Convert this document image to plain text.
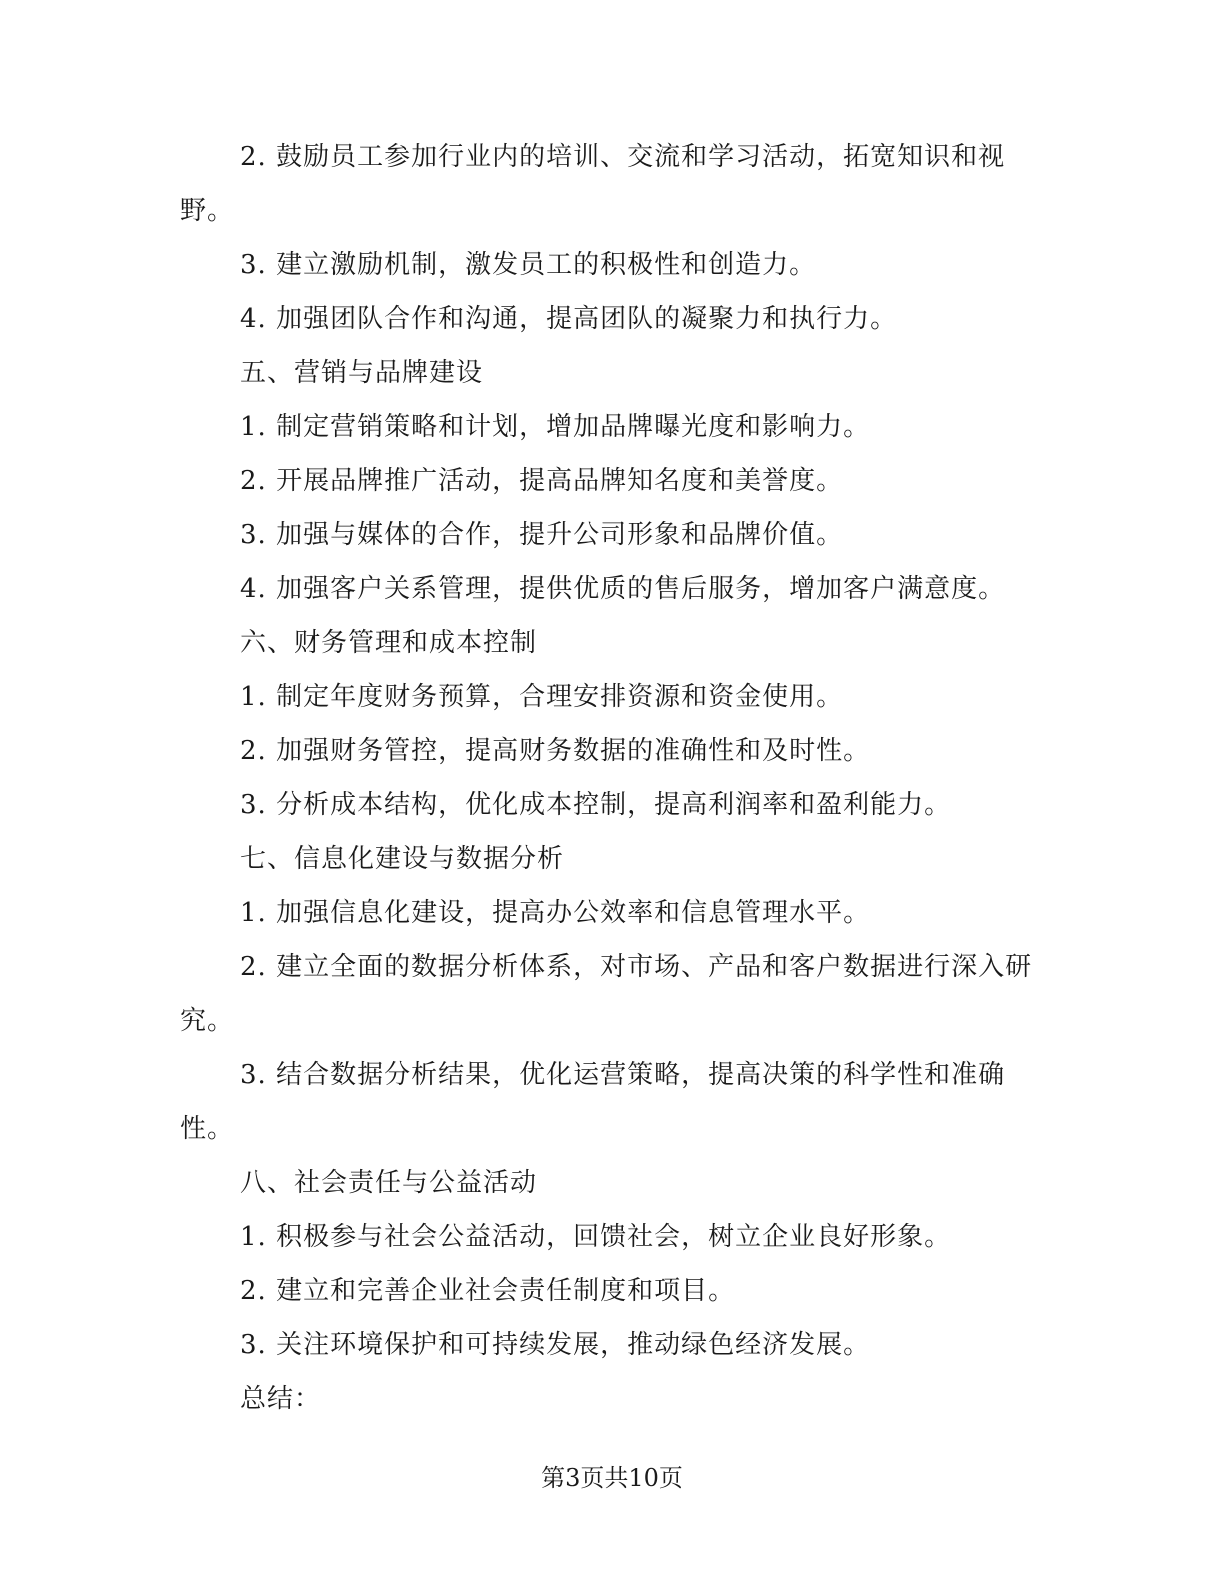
2. 鼓励员工参加行业内的培训、交流和学习活动，拓宽知识和视野。

3. 建立激励机制，激发员工的积极性和创造力。

4. 加强团队合作和沟通，提高团队的凝聚力和执行力。

五、营销与品牌建设

1. 制定营销策略和计划，增加品牌曝光度和影响力。

2. 开展品牌推广活动，提高品牌知名度和美誉度。

3. 加强与媒体的合作，提升公司形象和品牌价值。

4. 加强客户关系管理，提供优质的售后服务，增加客户满意度。

六、财务管理和成本控制

1. 制定年度财务预算，合理安排资源和资金使用。

2. 加强财务管控，提高财务数据的准确性和及时性。

3. 分析成本结构，优化成本控制，提高利润率和盈利能力。

七、信息化建设与数据分析

1. 加强信息化建设，提高办公效率和信息管理水平。

2. 建立全面的数据分析体系，对市场、产品和客户数据进行深入研究。

3. 结合数据分析结果，优化运营策略，提高决策的科学性和准确性。

八、社会责任与公益活动

1. 积极参与社会公益活动，回馈社会，树立企业良好形象。

2. 建立和完善企业社会责任制度和项目。

3. 关注环境保护和可持续发展，推动绿色经济发展。

总结：

第3页共10页
